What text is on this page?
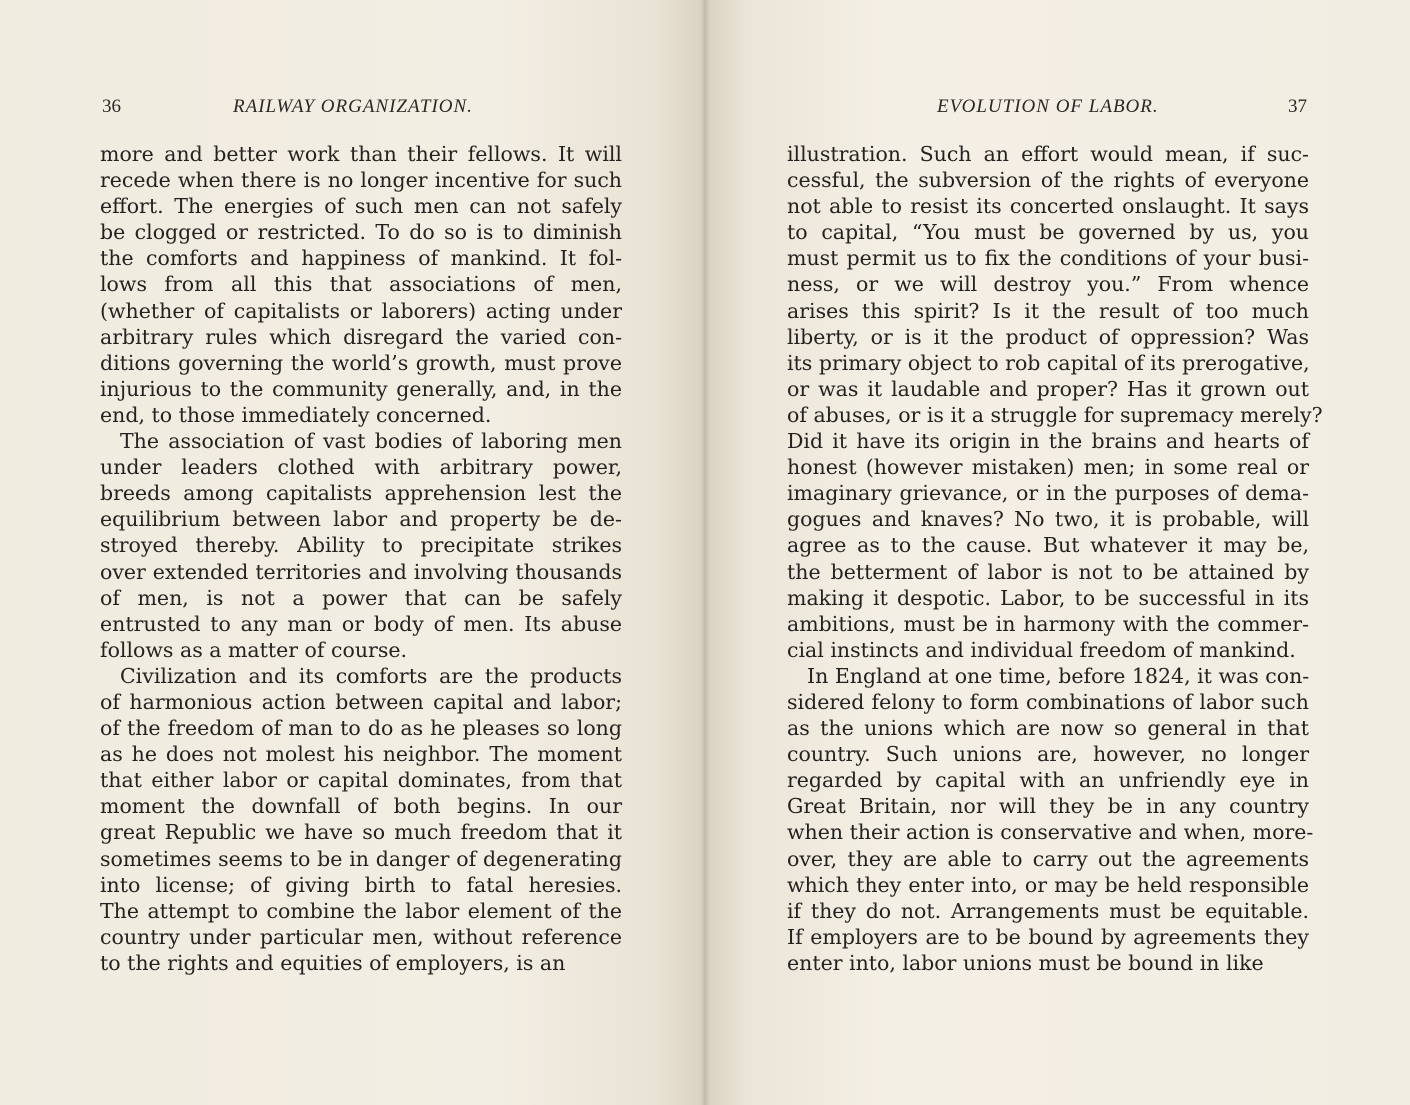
36	RAILWAY ORGANIZATION.
more and better work than their fellows. It will
recede when there is no longer incentive for such
effort. The energies of such men can not safely
be clogged or restricted. To do so is to diminish
the comforts and happiness of mankind. It fol-
lows from all this that associations of men,
(whether of capitalists or laborers) acting under
arbitrary rules which disregard the varied con-
ditions governing the world’s growth, must prove
injurious to the community generally, and, in the
end, to those immediately concerned.
The association of vast bodies of laboring men
under leaders clothed with arbitrary power,
breeds among capitalists apprehension lest the
equilibrium between labor and property be de-
stroyed thereby. Ability to precipitate strikes
over extended territories and involving thousands
of men, is not a power that can be safely
entrusted to any man or body of men. Its abuse
follows as a matter of course.
Civilization and its comforts are the products
of harmonious action between capital and labor;
of the freedom of man to do as he pleases so long
as he does not molest his neighbor. The moment
that either labor or capital dominates, from that
moment the downfall of both begins. In our
great Republic we have so much freedom that it
sometimes seems to be in danger of degenerating
into license; of giving birth to fatal heresies.
The attempt to combine the labor element of the
country under particular men, without reference
to the rights and equities of employers, is an
EVOLUTION OF LABOR.	37
illustration. Such an effort would mean, if suc-
cessful, the subversion of the rights of everyone
not able to resist its concerted onslaught. It says
to capital, “You must be governed by us, you
must permit us to fix the conditions of your busi-
ness, or we will destroy you.” From whence
arises this spirit? Is it the result of too much
liberty, or is it the product of oppression? Was
its primary object to rob capital of its prerogative,
or was it laudable and proper? Has it grown out
of abuses, or is it a struggle for supremacy merely?
Did it have its origin in the brains and hearts of
honest (however mistaken) men; in some real or
imaginary grievance, or in the purposes of dema-
gogues and knaves? No two, it is probable, will
agree as to the cause. But whatever it may be,
the betterment of labor is not to be attained by
making it despotic. Labor, to be successful in its
ambitions, must be in harmony with the commer-
cial instincts and individual freedom of mankind.
In England at one time, before 1824, it was con-
sidered felony to form combinations of labor such
as the unions which are now so general in that
country. Such unions are, however, no longer
regarded by capital with an unfriendly eye in
Great Britain, nor will they be in any country
when their action is conservative and when, more-
over, they are able to carry out the agreements
which they enter into, or may be held responsible
if they do not. Arrangements must be equitable.
If employers are to be bound by agreements they
enter into, labor unions must be bound in like
